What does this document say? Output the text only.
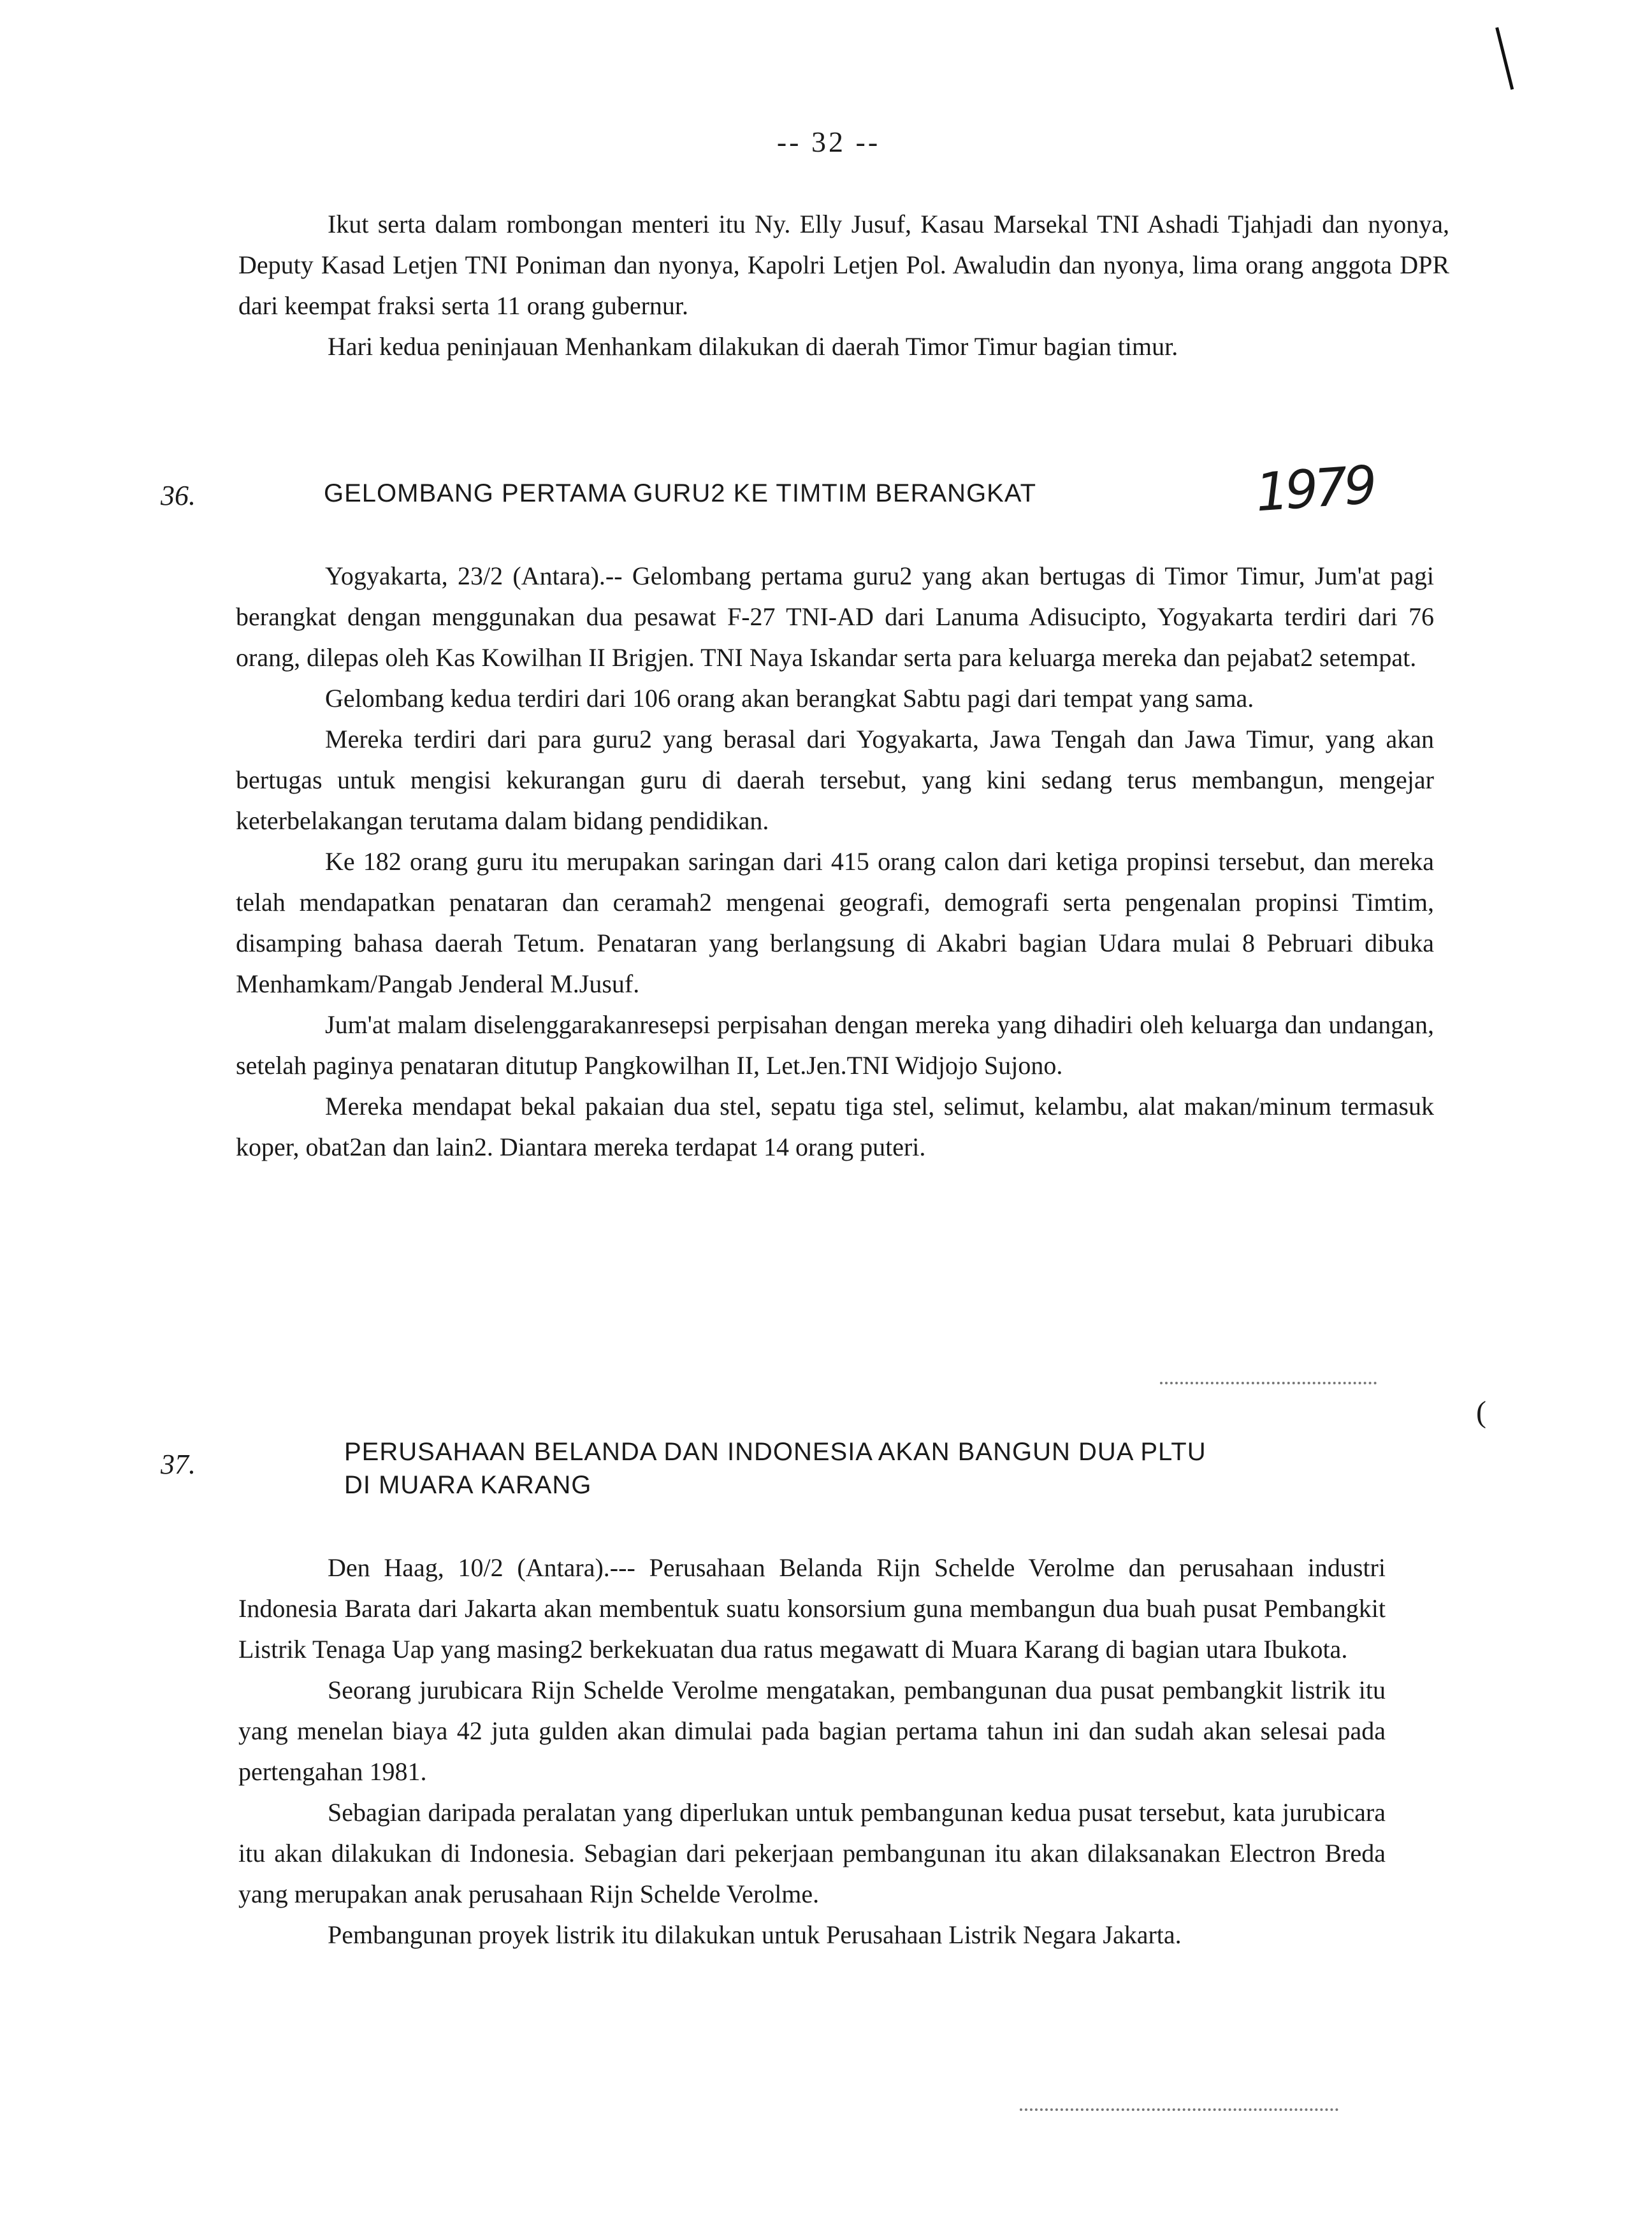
-- 32 --

Ikut serta dalam rombongan menteri itu Ny. Elly Jusuf, Kasau Marsekal TNI Ashadi Tjahjadi dan nyonya, Deputy Kasad Letjen TNI Poniman dan nyonya, Kapolri Letjen Pol. Awaludin dan nyonya, lima orang anggota DPR dari keempat fraksi serta 11 orang gubernur.

Hari kedua peninjauan Menhankam dilakukan di daerah Timor Timur bagian timur.

36.	GELOMBANG PERTAMA GURU2 KE TIMTIM BERANGKAT	1979

Yogyakarta, 23/2 (Antara).-- Gelombang pertama guru2 yang akan bertugas di Timor Timur, Jum'at pagi berangkat dengan menggunakan dua pesawat F-27 TNI-AD dari Lanuma Adisucipto, Yogyakarta terdiri dari 76 orang, dilepas oleh Kas Kowilhan II Brigjen. TNI Naya Iskandar serta para keluarga mereka dan pejabat2 setempat.

Gelombang kedua terdiri dari 106 orang akan berangkat Sabtu pagi dari tempat yang sama.

Mereka terdiri dari para guru2 yang berasal dari Yogyakarta, Jawa Tengah dan Jawa Timur, yang akan bertugas untuk mengisi kekurangan guru di daerah tersebut, yang kini sedang terus membangun, mengejar keterbelakangan terutama dalam bidang pendidikan.

Ke 182 orang guru itu merupakan saringan dari 415 orang calon dari ketiga propinsi tersebut, dan mereka telah mendapatkan penataran dan ceramah2 mengenai geografi, demografi serta pengenalan propinsi Timtim, disamping bahasa daerah Tetum. Penataran yang berlangsung di Akabri bagian Udara mulai 8 Pebruari dibuka Menhamkam/Pangab Jenderal M.Jusuf.

Jum'at malam diselenggarakanresepsi perpisahan dengan mereka yang dihadiri oleh keluarga dan undangan, setelah paginya penataran ditutup Pangkowilhan II, Let.Jen.TNI Widjojo Sujono.

Mereka mendapat bekal pakaian dua stel, sepatu tiga stel, selimut, kelambu, alat makan/minum termasuk koper, obat2an dan lain2. Diantara mereka terdapat 14 orang puteri.

(
37.	PERUSAHAAN BELANDA DAN INDONESIA AKAN BANGUN DUA PLTU
DI MUARA KARANG

Den Haag, 10/2 (Antara).--- Perusahaan Belanda Rijn Schelde Verolme dan perusahaan industri Indonesia Barata dari Jakarta akan membentuk suatu konsorsium guna membangun dua buah pusat Pembangkit Listrik Tenaga Uap yang masing2 berkekuatan dua ratus megawatt di Muara Karang di bagian utara Ibukota.

Seorang jurubicara Rijn Schelde Verolme mengatakan, pembangunan dua pusat pembangkit listrik itu yang menelan biaya 42 juta gulden akan dimulai pada bagian pertama tahun ini dan sudah akan selesai pada pertengahan 1981.

Sebagian daripada peralatan yang diperlukan untuk pembangunan kedua pusat tersebut, kata jurubicara itu akan dilakukan di Indonesia. Sebagian dari pekerjaan pembangunan itu akan dilaksanakan Electron Breda yang merupakan anak perusahaan Rijn Schelde Verolme.

Pembangunan proyek listrik itu dilakukan untuk Perusahaan Listrik Negara Jakarta.
